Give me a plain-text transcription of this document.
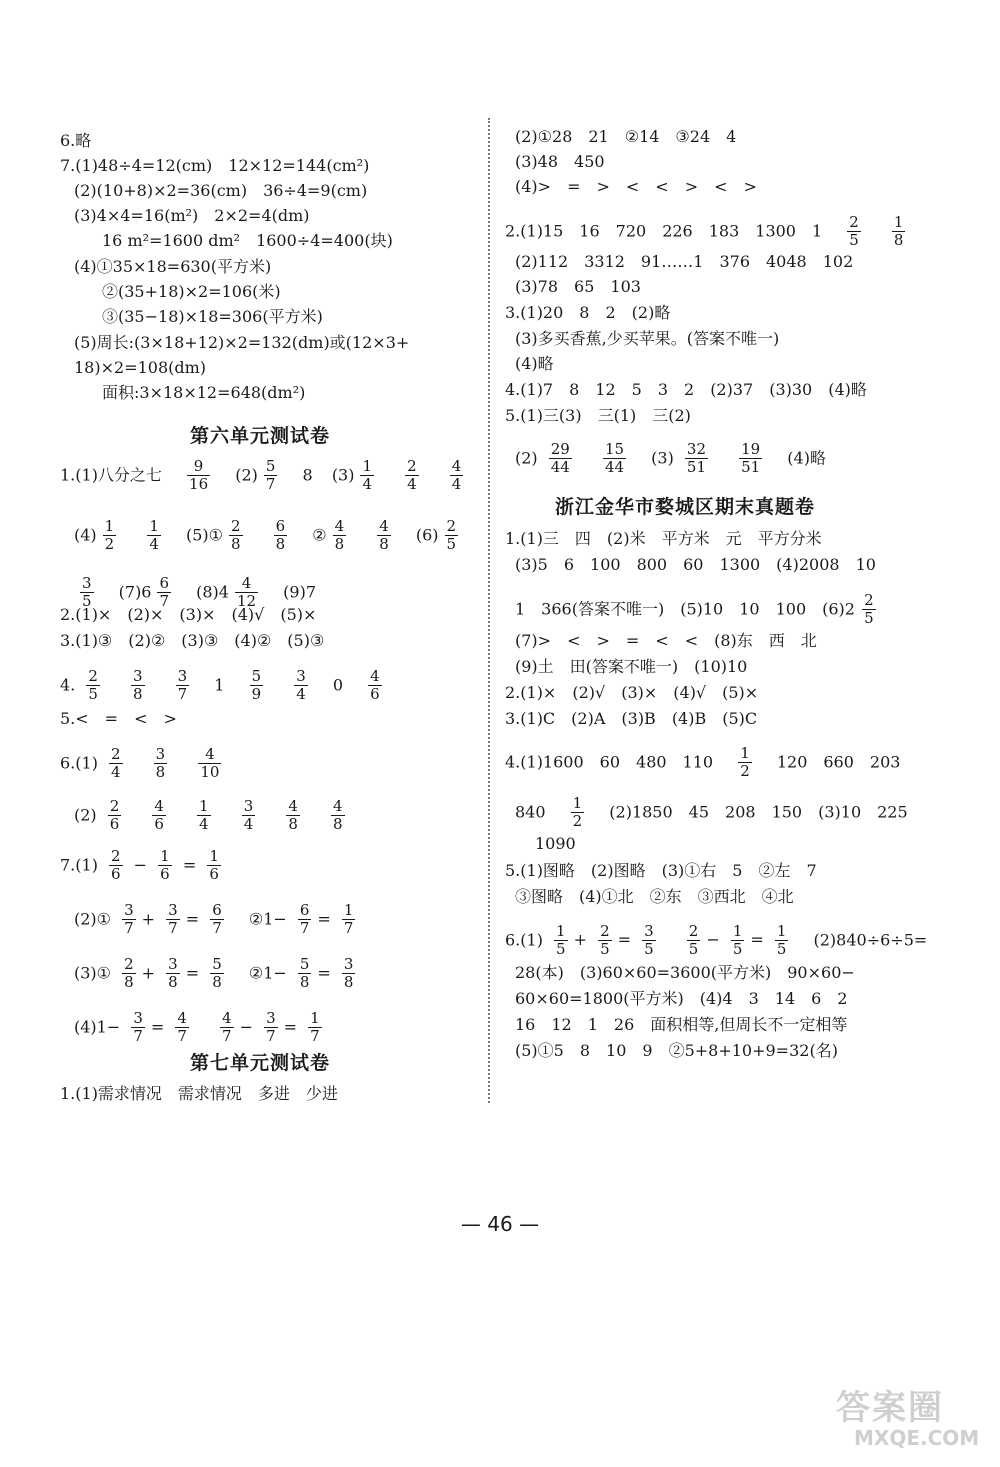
6.略
7.(1)48÷4=12(cm)　12×12=144(cm²)
(2)(10+8)×2=36(cm)　36÷4=9(cm)
(3)4×4=16(m²)　2×2=4(dm)
16 m²=1600 dm²　1600÷4=400(块)
(4)①35×18=630(平方米)
②(35+18)×2=106(米)
③(35−18)×18=306(平方米)
(5)周长:(3×18+12)×2=132(dm)或(12×3+
18)×2=108(dm)
面积:3×18×12=648(dm²)
第六单元测试卷
1.(1)八分之七 $\frac{9}{16} (2) \frac{5}{7} 8$ $(3) \frac{1}{4}$
$\frac{2}{4}$
$\frac{4}{4}$
$(4) \frac{1}{2}$
$\frac{1}{4}$ (5)① $\frac{2}{8}$
$\frac{6}{8}$ ② $\frac{4}{8}$
$\frac{4}{8} (6) \frac{2}{5}$
$\frac{3}{5} (7)6 \frac{6}{7} (8)4 \frac{4}{12} (9)7$
2.(1)×　(2)×　(3)×　(4)√　(5)×
3.(1)③　(2)②　(3)③　(4)②　(5)③
4. $\frac{2}{5}$
$\frac{3}{8}$
$\frac{3}{7} 1 \frac{5}{9}$
$\frac{3}{4} 0 \frac{4}{6}$
5.<　=　<　>
$6.(1) \frac{2}{4}$
$\frac{3}{8}$
$\frac{4}{10}$
$(2) \frac{2}{6}$
$\frac{4}{6}$
$\frac{1}{4}$
$\frac{3}{4}$
$\frac{4}{8}$
$\frac{4}{8}$
$7.(1) \frac{2}{6} - \frac{1}{6} = \frac{1}{6}$
(2)① $\frac{3}{7} + \frac{3}{7} = \frac{6}{7}$ ②1− $\frac{6}{7} = \frac{1}{7}$
(3)① $\frac{2}{8} + \frac{3}{8} = \frac{5}{8}$ ②1− $\frac{5}{8} = \frac{3}{8}$
$(4)1- \frac{3}{7} = \frac{4}{7}$
$\frac{4}{7} - \frac{3}{7} = \frac{1}{7}$
第七单元测试卷
1.(1)需求情况　需求情况　多进　少进
(2)①28　21　②14　③24　4
(3)48　450
(4)>　=　>　<　<　>　<　>
2.(1)15　16　720　226　183　1300　$1 \frac{2}{5}$
$\frac{1}{8}$
(2)112　3312　91……1　376　4048　102
(3)78　65　103
3.(1)20　8　2　(2)略
(3)多买香蕉,少买苹果。(答案不唯一)
(4)略
4.(1)7　8　12　5　3　2　(2)37　(3)30　(4)略
5.(1)三(3)　三(1)　三(2)
$(2) \frac{29}{44}$
$\frac{15}{44} (3) \frac{32}{51}$
$\frac{19}{51} (4)$略
浙江金华市婺城区期末真题卷
1.(1)三　四　(2)米　平方米　元　平方分米
(3)5　6　100　800　60　1300　(4)2008　10
1　366(答案不唯一)　(5)10　10　100　$(6)2 \frac{2}{5}$
(7)>　<　>　=　<　<　(8)东　西　北
(9)土　田(答案不唯一)　(10)10
2.(1)×　(2)√　(3)×　(4)√　(5)×
3.(1)C　(2)A　(3)B　(4)B　(5)C
4.(1)1600　60　480　$110 \frac{1}{2} 120$　660　203
$840 \frac{1}{2} (2)1850$　45　208　150　(3)10　225
1090
5.(1)图略　(2)图略　(3)①右　5　②左　7
③图略　(4)①北　②东　③西北　④北
$6.(1) \frac{1}{5} + \frac{2}{5} = \frac{3}{5}$
$\frac{2}{5} - \frac{1}{5} = \frac{1}{5} (2)840\div 6\div 5=$
28(本)　(3)60×60=3600(平方米)　90×60−
60×60=1800(平方米)　(4)4　3　14　6　2
16　12　1　26　面积相等,但周长不一定相等
(5)①5　8　10　9　②5+8+10+9=32(名)
— 46 —
答案圈
MXQE.COM
